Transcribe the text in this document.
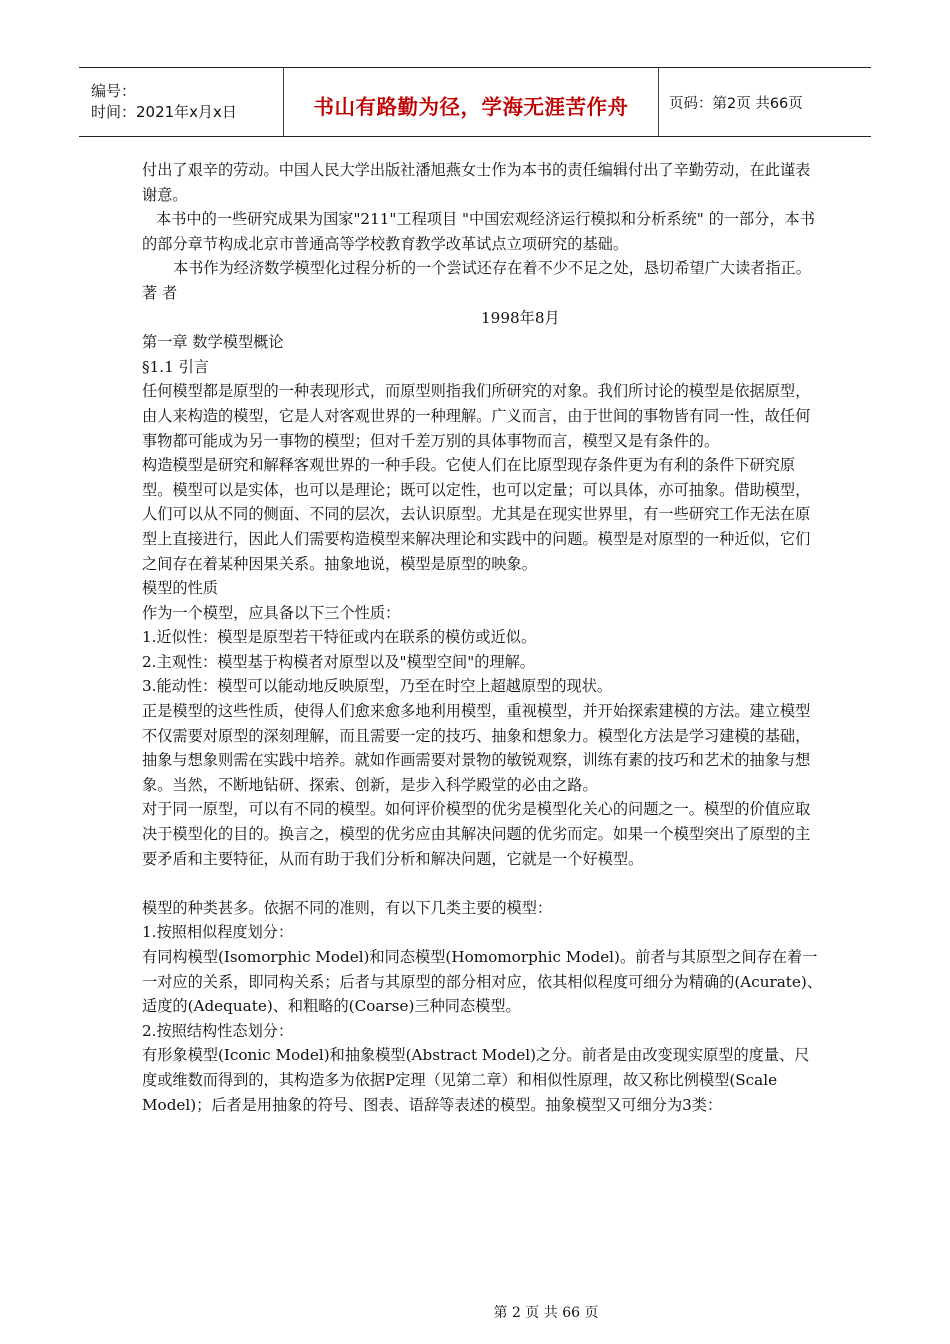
编号：
时间：2021年x月x日	书山有路勤为径，学海无涯苦作舟	页码：第2页 共66页

付出了艰辛的劳动。中国人民大学出版社潘旭燕女士作为本书的责任编辑付出了辛勤劳动，在此谨表谢意。

本书中的一些研究成果为国家"211"工程项目 "中国宏观经济运行模拟和分析系统" 的一部分，本书的部分章节构成北京市普通高等学校教育教学改革试点立项研究的基础。

本书作为经济数学模型化过程分析的一个尝试还存在着不少不足之处，恳切希望广大读者指正。

著 者

1998年8月

第一章 数学模型概论

§1.1 引言

任何模型都是原型的一种表现形式，而原型则指我们所研究的对象。我们所讨论的模型是依据原型，由人来构造的模型，它是人对客观世界的一种理解。广义而言，由于世间的事物皆有同一性，故任何事物都可能成为另一事物的模型；但对千差万别的具体事物而言，模型又是有条件的。

构造模型是研究和解释客观世界的一种手段。它使人们在比原型现存条件更为有利的条件下研究原型。模型可以是实体，也可以是理论；既可以定性，也可以定量；可以具体，亦可抽象。借助模型，人们可以从不同的侧面、不同的层次，去认识原型。尤其是在现实世界里，有一些研究工作无法在原型上直接进行，因此人们需要构造模型来解决理论和实践中的问题。模型是对原型的一种近似，它们之间存在着某种因果关系。抽象地说，模型是原型的映象。

模型的性质

作为一个模型，应具备以下三个性质：

1.近似性：模型是原型若干特征或内在联系的模仿或近似。

2.主观性：模型基于构模者对原型以及"模型空间"的理解。

3.能动性：模型可以能动地反映原型，乃至在时空上超越原型的现状。

正是模型的这些性质，使得人们愈来愈多地利用模型，重视模型，并开始探索建模的方法。建立模型不仅需要对原型的深刻理解，而且需要一定的技巧、抽象和想象力。模型化方法是学习建模的基础，抽象与想象则需在实践中培养。就如作画需要对景物的敏锐观察，训练有素的技巧和艺术的抽象与想象。当然，不断地钻研、探索、创新，是步入科学殿堂的必由之路。

对于同一原型，可以有不同的模型。如何评价模型的优劣是模型化关心的问题之一。模型的价值应取决于模型化的目的。换言之，模型的优劣应由其解决问题的优劣而定。如果一个模型突出了原型的主要矛盾和主要特征，从而有助于我们分析和解决问题，它就是一个好模型。

模型的种类甚多。依据不同的准则，有以下几类主要的模型：

1.按照相似程度划分：

有同构模型(Isomorphic Model)和同态模型(Homomorphic Model)。前者与其原型之间存在着一一对应的关系，即同构关系；后者与其原型的部分相对应，依其相似程度可细分为精确的(Acurate)、适度的(Adequate)、和粗略的(Coarse)三种同态模型。

2.按照结构性态划分：

有形象模型(Iconic Model)和抽象模型(Abstract Model)之分。前者是由改变现实原型的度量、尺度或维数而得到的，其构造多为依据P定理（见第二章）和相似性原理，故又称比例模型(Scale Model)；后者是用抽象的符号、图表、语辞等表述的模型。抽象模型又可细分为3类：

第 2 页 共 66 页
